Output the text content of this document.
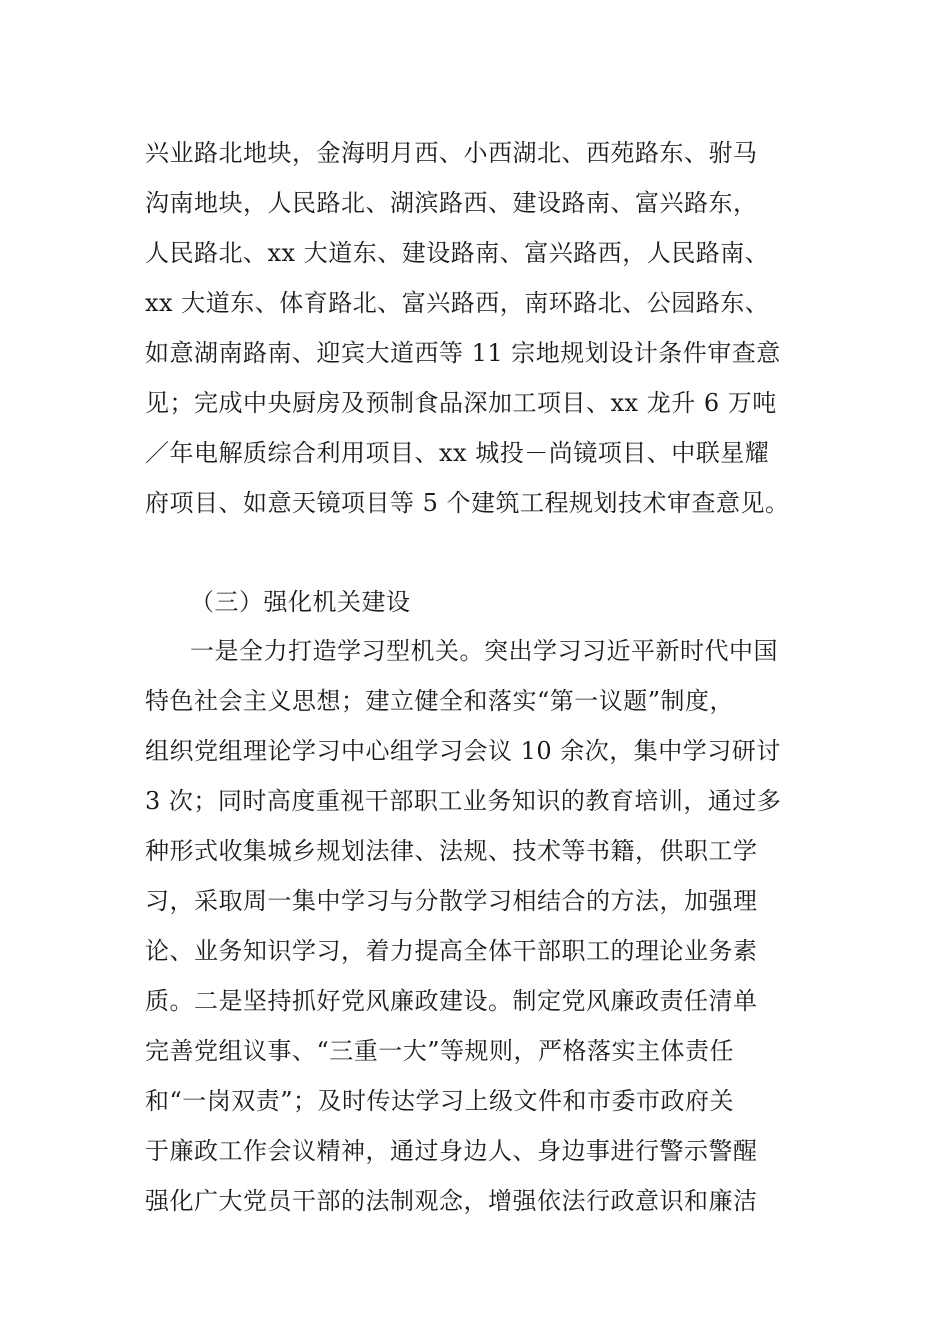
兴业路北地块，金海明月西、小西湖北、西苑路东、驸马
沟南地块，人民路北、湖滨路西、建设路南、富兴路东，
人民路北、xx 大道东、建设路南、富兴路西，人民路南、
xx 大道东、体育路北、富兴路西，南环路北、公园路东、
如意湖南路南、迎宾大道西等 11 宗地规划设计条件审查意
见；完成中央厨房及预制食品深加工项目、xx 龙升 6 万吨
／年电解质综合利用项目、xx 城投－尚镜项目、中联星耀
府项目、如意天镜项目等 5 个建筑工程规划技术审查意见。
（三）强化机关建设
一是全力打造学习型机关。突出学习习近平新时代中国
特色社会主义思想；建立健全和落实“第一议题”制度，
组织党组理论学习中心组学习会议 10 余次，集中学习研讨
3 次；同时高度重视干部职工业务知识的教育培训，通过多
种形式收集城乡规划法律、法规、技术等书籍，供职工学
习，采取周一集中学习与分散学习相结合的方法，加强理
论、业务知识学习，着力提高全体干部职工的理论业务素
质。二是坚持抓好党风廉政建设。制定党风廉政责任清单
完善党组议事、“三重一大”等规则，严格落实主体责任
和“一岗双责”；及时传达学习上级文件和市委市政府关
于廉政工作会议精神，通过身边人、身边事进行警示警醒
强化广大党员干部的法制观念，增强依法行政意识和廉洁
